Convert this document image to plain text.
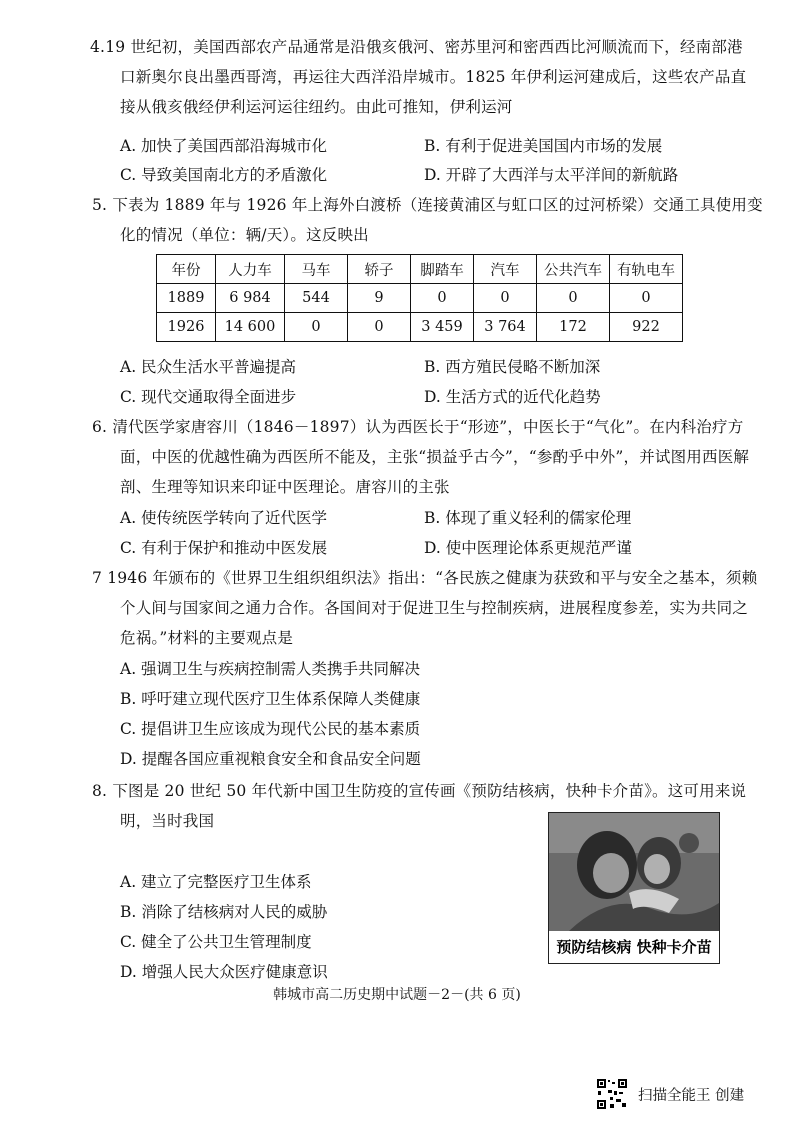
4.19 世纪初，美国西部农产品通常是沿俄亥俄河、密苏里河和密西西比河顺流而下，经南部港
口新奥尔良出墨西哥湾，再运往大西洋沿岸城市。1825 年伊利运河建成后，这些农产品直
接从俄亥俄经伊利运河运往纽约。由此可推知，伊利运河
A. 加快了美国西部沿海城市化	B. 有利于促进美国国内市场的发展
C. 导致美国南北方的矛盾激化	D. 开辟了大西洋与太平洋间的新航路
5. 下表为 1889 年与 1926 年上海外白渡桥（连接黄浦区与虹口区的过河桥梁）交通工具使用变
化的情况（单位：辆/天）。这反映出
年份	人力车	马车	轿子	脚踏车	汽车	公共汽车	有轨电车
1889	6 984	544	9	0	0	0	0
1926	14 600	0	0	3 459	3 764	172	922
A. 民众生活水平普遍提高	B. 西方殖民侵略不断加深
C. 现代交通取得全面进步	D. 生活方式的近代化趋势
6. 清代医学家唐容川（1846－1897）认为西医长于“形迹”，中医长于“气化”。在内科治疗方
面，中医的优越性确为西医所不能及，主张“损益乎古今”，“参酌乎中外”，并试图用西医解
剖、生理等知识来印证中医理论。唐容川的主张
A. 使传统医学转向了近代医学	B. 体现了重义轻利的儒家伦理
C. 有利于保护和推动中医发展	D. 使中医理论体系更规范严谨
7 1946 年颁布的《世界卫生组织组织法》指出：“各民族之健康为获致和平与安全之基本，须赖
个人间与国家间之通力合作。各国间对于促进卫生与控制疾病，进展程度参差，实为共同之
危祸。”材料的主要观点是
A. 强调卫生与疾病控制需人类携手共同解决
B. 呼吁建立现代医疗卫生体系保障人类健康
C. 提倡讲卫生应该成为现代公民的基本素质
D. 提醒各国应重视粮食安全和食品安全问题
8. 下图是 20 世纪 50 年代新中国卫生防疫的宣传画《预防结核病，快种卡介苗》。这可用来说
明，当时我国
A. 建立了完整医疗卫生体系
B. 消除了结核病对人民的威胁
C. 健全了公共卫生管理制度
D. 增强人民大众医疗健康意识
预防结核病 快种卡介苗
韩城市高二历史期中试题－2－(共 6 页)
扫描全能王 创建
